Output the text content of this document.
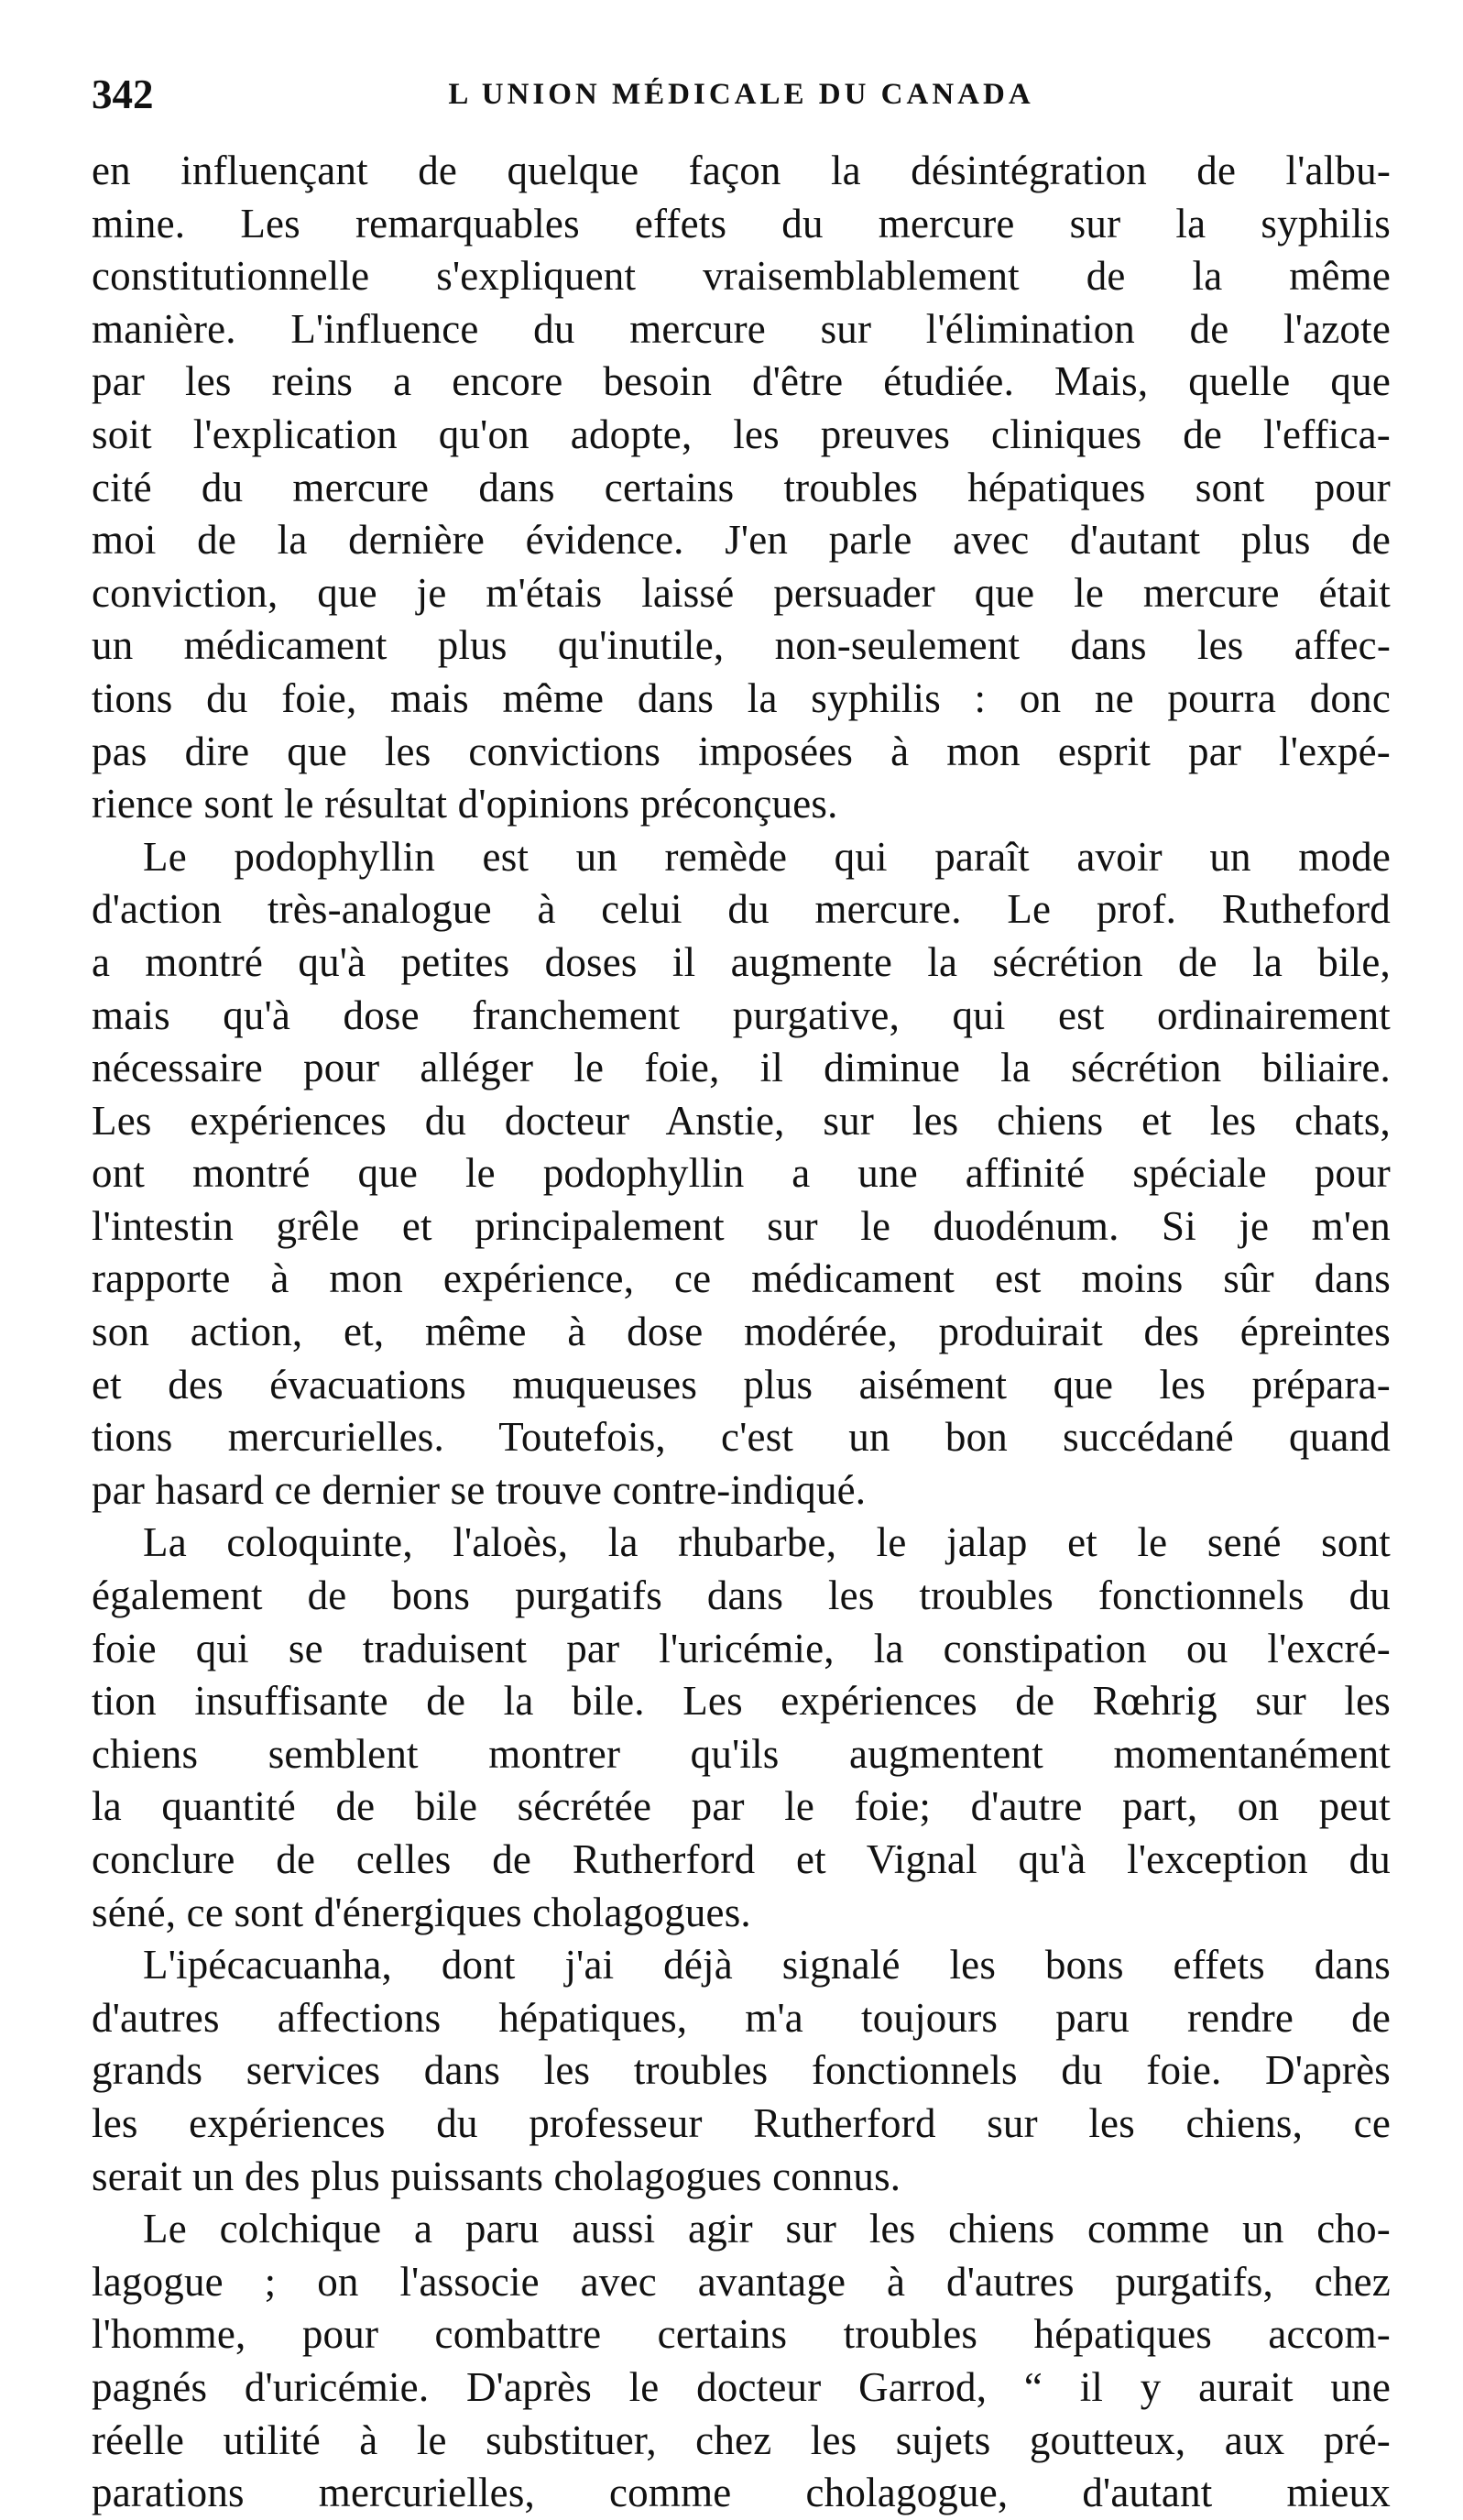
342	L UNION MÉDICALE DU CANADA
en influençant de quelque façon la désintégration de l'albu-
mine. Les remarquables effets du mercure sur la syphilis
constitutionnelle s'expliquent vraisemblablement de la même
manière. L'influence du mercure sur l'élimination de l'azote
par les reins a encore besoin d'être étudiée. Mais, quelle que
soit l'explication qu'on adopte, les preuves cliniques de l'effica-
cité du mercure dans certains troubles hépatiques sont pour
moi de la dernière évidence. J'en parle avec d'autant plus de
conviction, que je m'étais laissé persuader que le mercure était
un médicament plus qu'inutile, non-seulement dans les affec-
tions du foie, mais même dans la syphilis : on ne pourra donc
pas dire que les convictions imposées à mon esprit par l'expé-
rience sont le résultat d'opinions préconçues.
Le podophyllin est un remède qui paraît avoir un mode
d'action très-analogue à celui du mercure. Le prof. Rutheford
a montré qu'à petites doses il augmente la sécrétion de la bile,
mais qu'à dose franchement purgative, qui est ordinairement
nécessaire pour alléger le foie, il diminue la sécrétion biliaire.
Les expériences du docteur Anstie, sur les chiens et les chats,
ont montré que le podophyllin a une affinité spéciale pour
l'intestin grêle et principalement sur le duodénum. Si je m'en
rapporte à mon expérience, ce médicament est moins sûr dans
son action, et, même à dose modérée, produirait des épreintes
et des évacuations muqueuses plus aisément que les prépara-
tions mercurielles. Toutefois, c'est un bon succédané quand
par hasard ce dernier se trouve contre-indiqué.
La coloquinte, l'aloès, la rhubarbe, le jalap et le sené sont
également de bons purgatifs dans les troubles fonctionnels du
foie qui se traduisent par l'uricémie, la constipation ou l'excré-
tion insuffisante de la bile. Les expériences de Rœhrig sur les
chiens semblent montrer qu'ils augmentent momentanément
la quantité de bile sécrétée par le foie; d'autre part, on peut
conclure de celles de Rutherford et Vignal qu'à l'exception du
séné, ce sont d'énergiques cholagogues.
L'ipécacuanha, dont j'ai déjà signalé les bons effets dans
d'autres affections hépatiques, m'a toujours paru rendre de
grands services dans les troubles fonctionnels du foie. D'après
les expériences du professeur Rutherford sur les chiens, ce
serait un des plus puissants cholagogues connus.
Le colchique a paru aussi agir sur les chiens comme un cho-
lagogue ; on l'associe avec avantage à d'autres purgatifs, chez
l'homme, pour combattre certains troubles hépatiques accom-
pagnés d'uricémie. D'après le docteur Garrod, “ il y aurait une
réelle utilité à le substituer, chez les sujets goutteux, aux pré-
parations mercurielles, comme cholagogue, d'autant mieux
